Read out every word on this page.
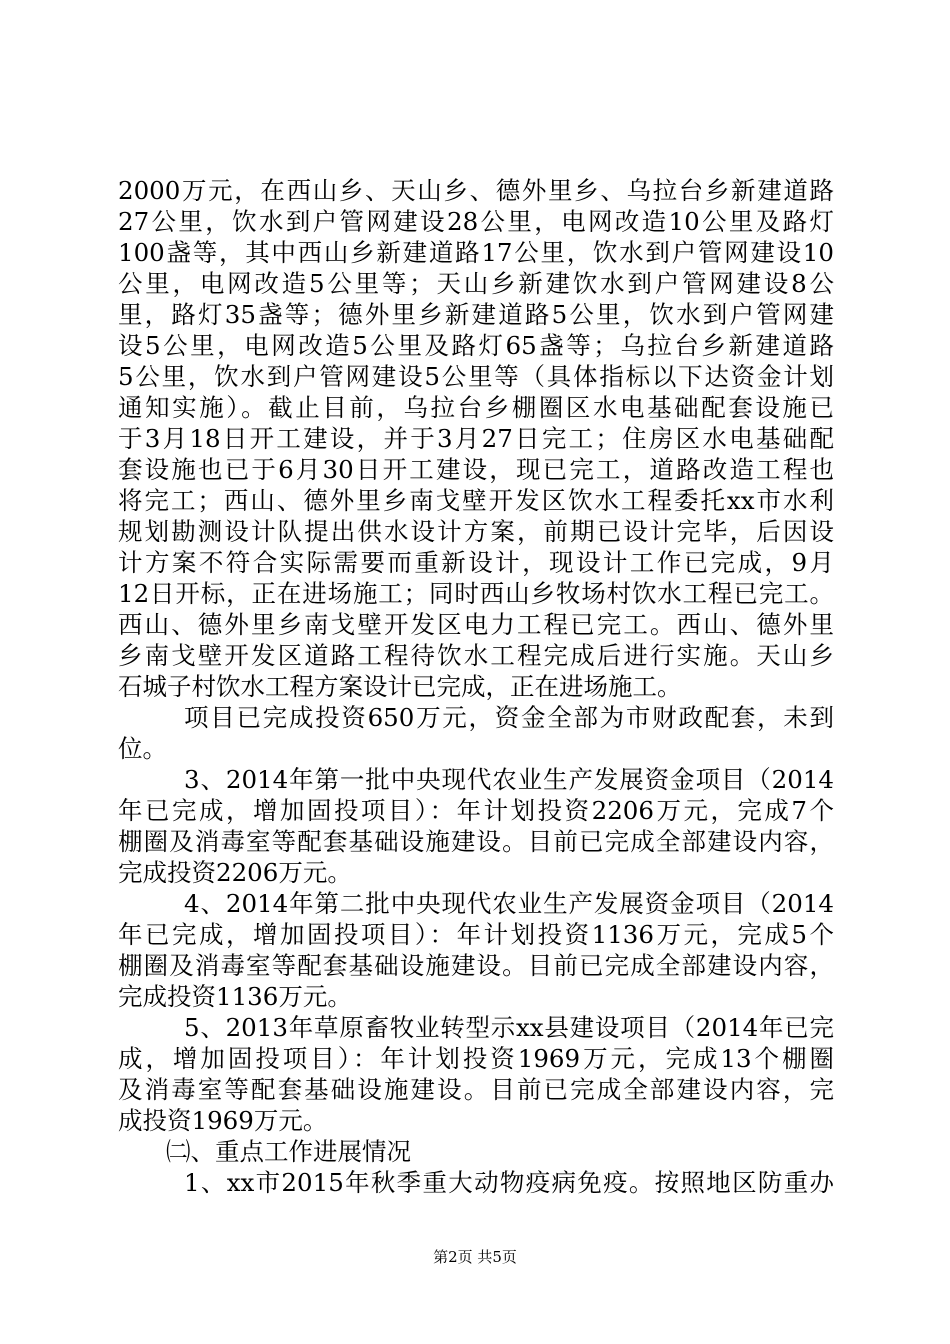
2000万元，在西山乡、天山乡、德外里乡、乌拉台乡新建道路
27公里，饮水到户管网建设28公里，电网改造10公里及路灯
100盏等，其中西山乡新建道路17公里，饮水到户管网建设10
公里，电网改造5公里等；天山乡新建饮水到户管网建设8公
里，路灯35盏等；德外里乡新建道路5公里，饮水到户管网建
设5公里，电网改造5公里及路灯65盏等；乌拉台乡新建道路
5公里，饮水到户管网建设5公里等（具体指标以下达资金计划
通知实施）。截止目前，乌拉台乡棚圈区水电基础配套设施已
于3月18日开工建设，并于3月27日完工；住房区水电基础配
套设施也已于6月30日开工建设，现已完工，道路改造工程也
将完工；西山、德外里乡南戈壁开发区饮水工程委托xx市水利
规划勘测设计队提出供水设计方案，前期已设计完毕，后因设
计方案不符合实际需要而重新设计，现设计工作已完成，9月
12日开标，正在进场施工；同时西山乡牧场村饮水工程已完工。
西山、德外里乡南戈壁开发区电力工程已完工。西山、德外里
乡南戈壁开发区道路工程待饮水工程完成后进行实施。天山乡
石城子村饮水工程方案设计已完成，正在进场施工。
项目已完成投资650万元，资金全部为市财政配套，未到
位。
3、2014年第一批中央现代农业生产发展资金项目（2014
年已完成，增加固投项目）：年计划投资2206万元，完成7个
棚圈及消毒室等配套基础设施建设。目前已完成全部建设内容，
完成投资2206万元。
4、2014年第二批中央现代农业生产发展资金项目（2014
年已完成，增加固投项目）：年计划投资1136万元，完成5个
棚圈及消毒室等配套基础设施建设。目前已完成全部建设内容，
完成投资1136万元。
5、2013年草原畜牧业转型示xx县建设项目（2014年已完
成，增加固投项目）：年计划投资1969万元，完成13个棚圈
及消毒室等配套基础设施建设。目前已完成全部建设内容，完
成投资1969万元。
㈡、重点工作进展情况
1、xx市2015年秋季重大动物疫病免疫。按照地区防重办
第2页 共5页
